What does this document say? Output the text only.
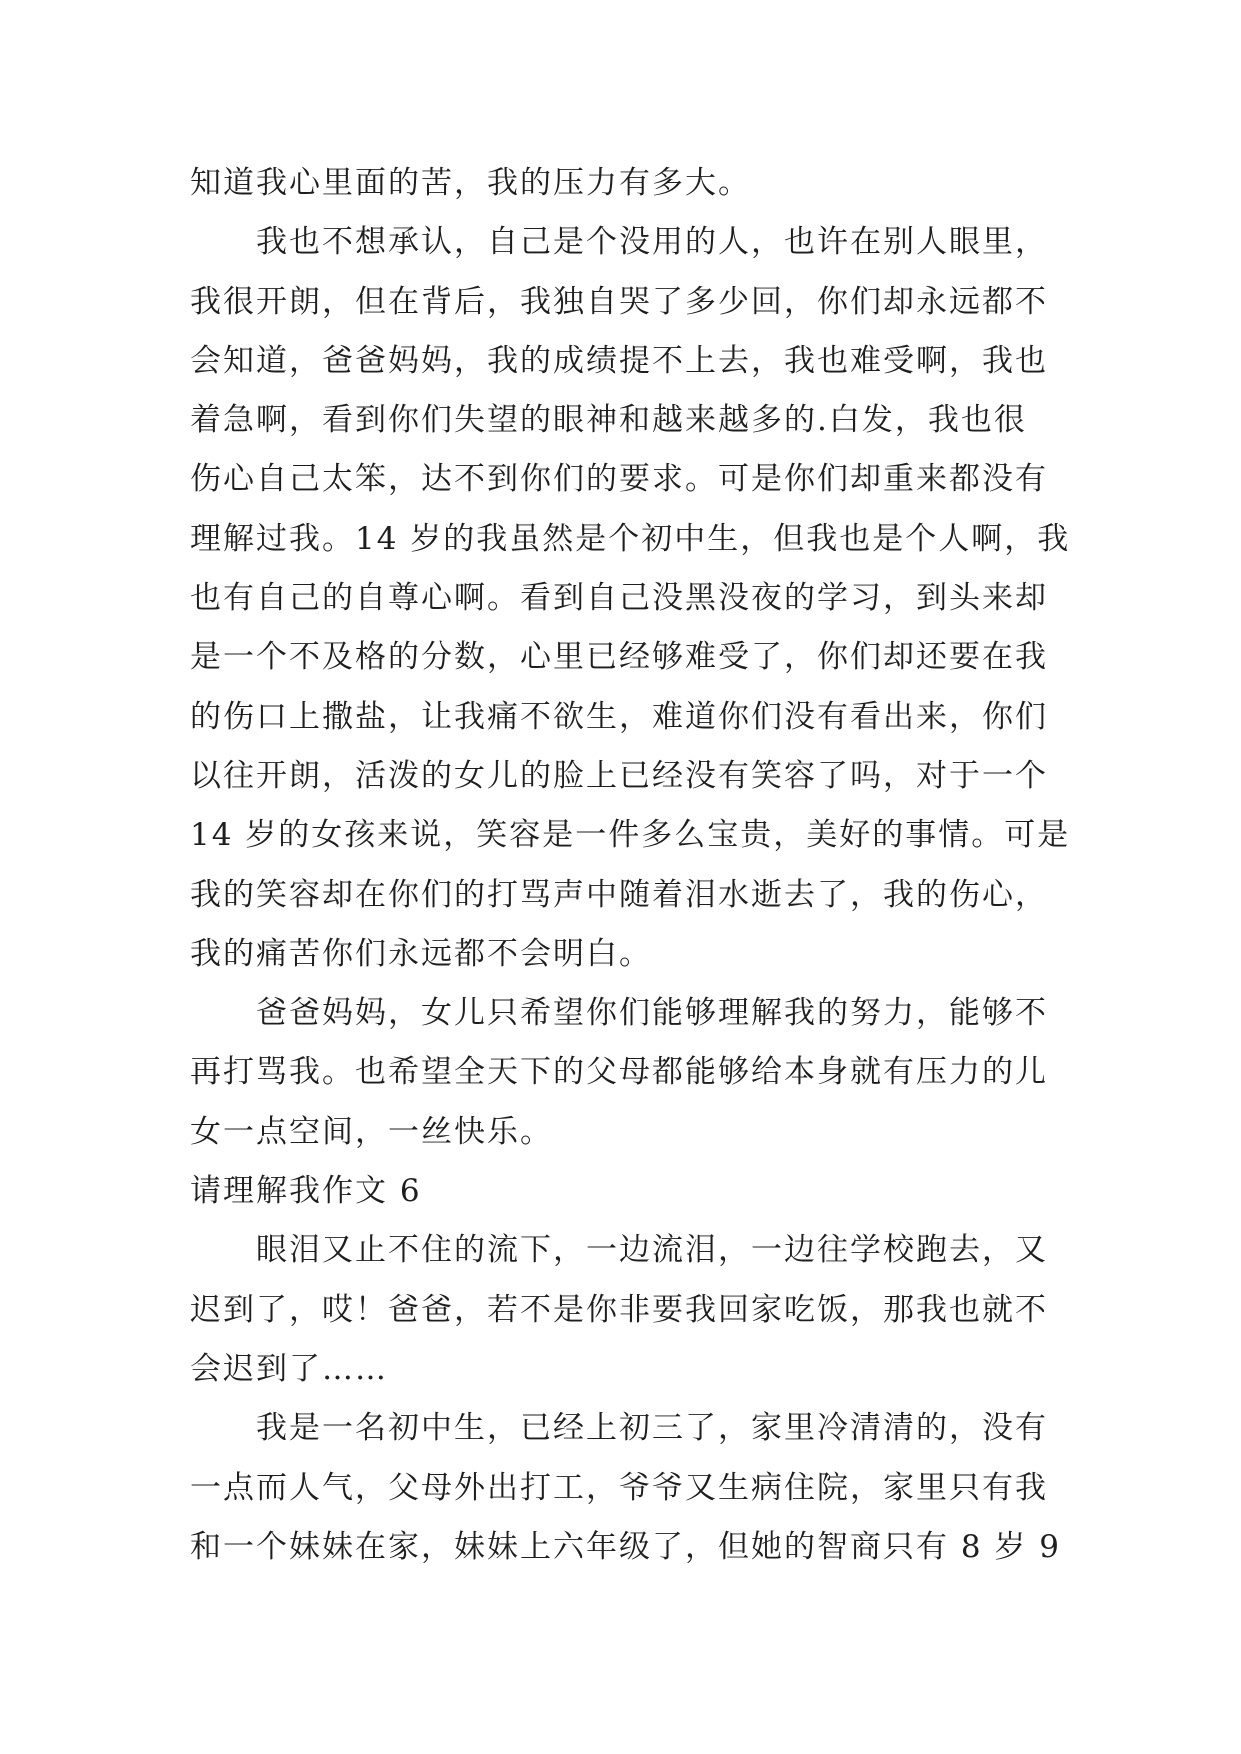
知道我心里面的苦，我的压力有多大。
我也不想承认，自己是个没用的人，也许在别人眼里，
我很开朗，但在背后，我独自哭了多少回，你们却永远都不
会知道，爸爸妈妈，我的成绩提不上去，我也难受啊，我也
着急啊，看到你们失望的眼神和越来越多的.白发，我也很
伤心自己太笨，达不到你们的要求。可是你们却重来都没有
理解过我。14 岁的我虽然是个初中生，但我也是个人啊，我
也有自己的自尊心啊。看到自己没黑没夜的学习，到头来却
是一个不及格的分数，心里已经够难受了，你们却还要在我
的伤口上撒盐，让我痛不欲生，难道你们没有看出来，你们
以往开朗，活泼的女儿的脸上已经没有笑容了吗，对于一个
14 岁的女孩来说，笑容是一件多么宝贵，美好的事情。可是
我的笑容却在你们的打骂声中随着泪水逝去了，我的伤心，
我的痛苦你们永远都不会明白。
爸爸妈妈，女儿只希望你们能够理解我的努力，能够不
再打骂我。也希望全天下的父母都能够给本身就有压力的儿
女一点空间，一丝快乐。
请理解我作文 6
眼泪又止不住的流下，一边流泪，一边往学校跑去，又
迟到了，哎！爸爸，若不是你非要我回家吃饭，那我也就不
会迟到了……
我是一名初中生，已经上初三了，家里冷清清的，没有
一点而人气，父母外出打工，爷爷又生病住院，家里只有我
和一个妹妹在家，妹妹上六年级了，但她的智商只有 8 岁 9
